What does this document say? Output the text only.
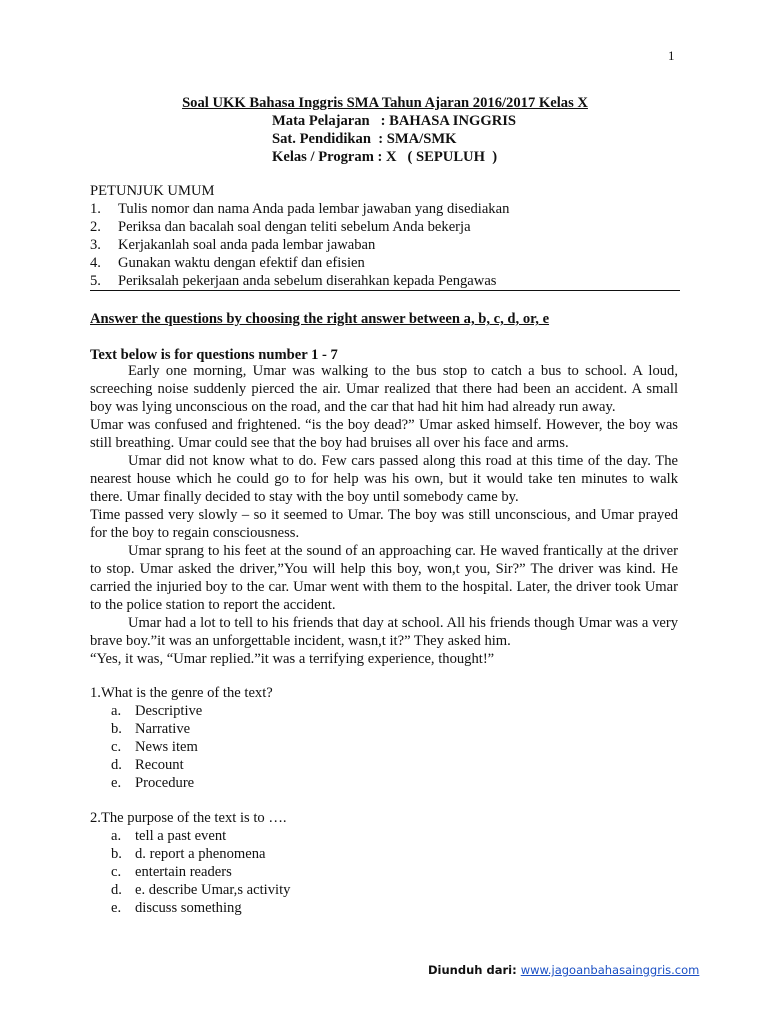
1
Soal UKK Bahasa Inggris SMA Tahun Ajaran 2016/2017 Kelas X
Mata Pelajaran   : BAHASA INGGRIS
Sat. Pendidikan  : SMA/SMK
Kelas / Program : X   ( SEPULUH  )
PETUNJUK UMUM
1.	Tulis nomor dan nama Anda pada lembar jawaban yang disediakan
2.	Periksa dan bacalah soal dengan teliti sebelum Anda bekerja
3.	Kerjakanlah soal anda pada lembar jawaban
4.	Gunakan waktu dengan efektif dan efisien
5.	Periksalah pekerjaan anda sebelum diserahkan kepada Pengawas
Answer the questions by choosing the right answer between a, b, c, d, or, e
Text below is for questions number 1 - 7

Early one morning, Umar was walking to the bus stop to catch a bus to school. A loud, screeching noise suddenly pierced the air. Umar realized that there had been an accident. A small boy was lying unconscious on the road, and the car that had hit him had already run away.

Umar was confused and frightened. “is the boy dead?” Umar asked himself. However, the boy was still breathing. Umar could see that the boy had bruises all over his face and arms.

Umar did not know what to do. Few cars passed along this road at this time of the day. The nearest house which he could go to for help was his own, but it would take ten minutes to walk there. Umar finally decided to stay with the boy until somebody came by.

Time passed very slowly – so it seemed to Umar. The boy was still unconscious, and Umar prayed for the boy to regain consciousness.

Umar sprang to his feet at the sound of an approaching car. He waved frantically at the driver to stop. Umar asked the driver,”You will help this boy, won,t you, Sir?” The driver was kind. He carried the injuried boy to the car. Umar went with them to the hospital. Later, the driver took Umar to the police station to report the accident.

Umar had a lot to tell to his friends that day at school. All his friends though Umar was a very brave boy.”it was an unforgettable incident, wasn,t it?” They asked him.

“Yes, it was, “Umar replied.”it was a terrifying experience, thought!”

1.What is the genre of the text?
a. Descriptive
b. Narrative
c. News item
d. Recount
e. Procedure
2.The purpose of the text is to ….
a. tell a past event
b. d. report a phenomena
c. entertain readers
d. e. describe Umar,s activity
e. discuss something
Diunduh dari: www.jagoanbahasainggris.com
